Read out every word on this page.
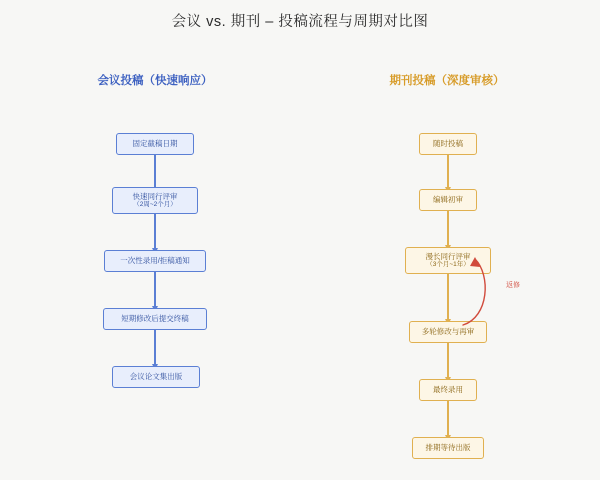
会议 vs. 期刊 – 投稿流程与周期对比图
会议投稿（快速响应）	期刊投稿（深度审核）
固定截稿日期
快速同行评审
（2周~2个月）
一次性录用/拒稿通知
短期修改后提交终稿
会议论文集出版
随时投稿
编辑初审
漫长同行评审
（3个月~1年）
多轮修改与再审
最终录用
排期等待出版
返修
